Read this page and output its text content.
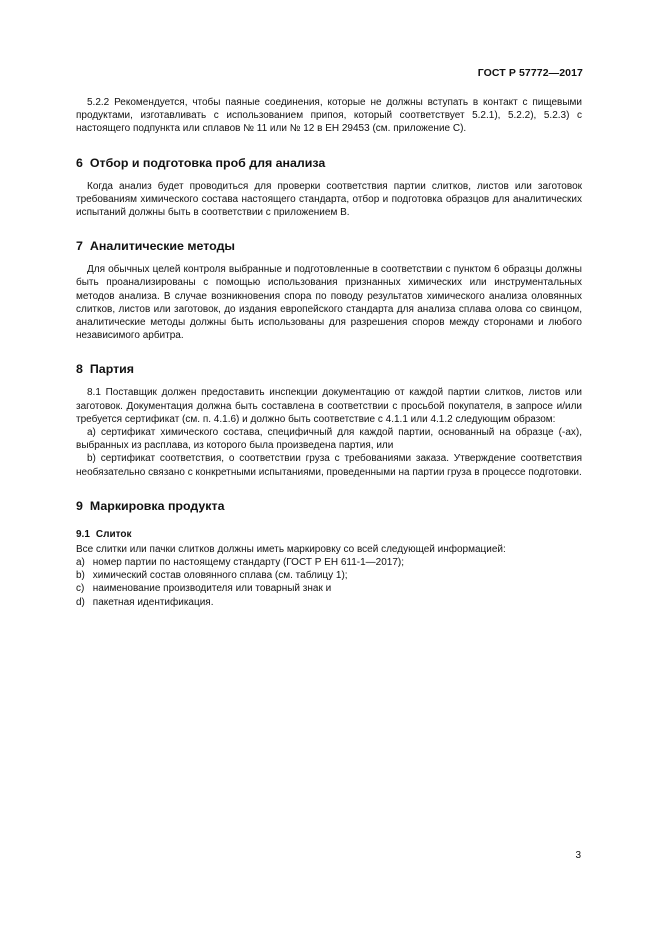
ГОСТ Р 57772—2017

5.2.2 Рекомендуется, чтобы паяные соединения, которые не должны вступать в контакт с пищевыми продуктами, изготавливать с использованием припоя, который соответствует 5.2.1), 5.2.2), 5.2.3) с настоящего подпункта или сплавов № 11 или № 12 в ЕН 29453 (см. приложение С).

6 Отбор и подготовка проб для анализа

Когда анализ будет проводиться для проверки соответствия партии слитков, листов или заготовок требованиям химического состава настоящего стандарта, отбор и подготовка образцов для аналитических испытаний должны быть в соответствии с приложением В.

7 Аналитические методы

Для обычных целей контроля выбранные и подготовленные в соответствии с пунктом 6 образцы должны быть проанализированы с помощью использования признанных химических или инструментальных методов анализа. В случае возникновения спора по поводу результатов химического анализа оловянных слитков, листов или заготовок, до издания европейского стандарта для анализа сплава олова со свинцом, аналитические методы должны быть использованы для разрешения споров между сторонами и любого независимого арбитра.

8 Партия

8.1 Поставщик должен предоставить инспекции документацию от каждой партии слитков, листов или заготовок. Документация должна быть составлена в соответствии с просьбой покупателя, в запросе и/или требуется сертификат (см. п. 4.1.6) и должно быть соответствие с 4.1.1 или 4.1.2 следующим образом:

a) сертификат химического состава, специфичный для каждой партии, основанный на образце (-ах), выбранных из расплава, из которого была произведена партия, или

b) сертификат соответствия, о соответствии груза с требованиями заказа. Утверждение соответствия необязательно связано с конкретными испытаниями, проведенными на партии груза в процессе подготовки.

9 Маркировка продукта
9.1 Слиток

Все слитки или пачки слитков должны иметь маркировку со всей следующей информацией:

a) номер партии по настоящему стандарту (ГОСТ Р ЕН 611-1—2017);

b) химический состав оловянного сплава (см. таблицу 1);

c) наименование производителя или товарный знак и

d) пакетная идентификация.

3
